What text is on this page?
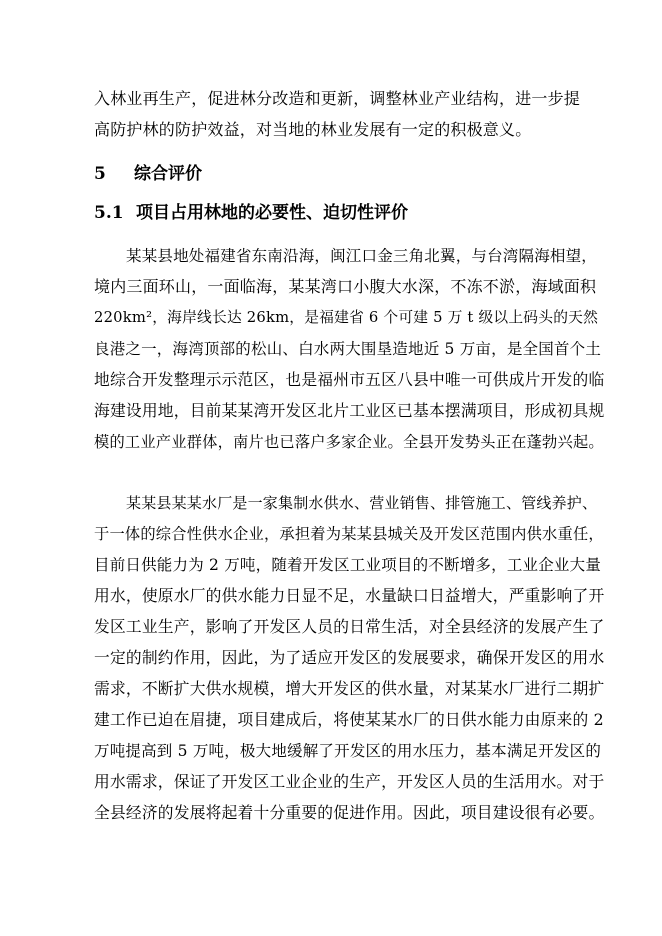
入林业再生产，促进林分改造和更新，调整林业产业结构，进一步提
高防护林的防护效益，对当地的林业发展有一定的积极意义。
5 综合评价
5.1 项目占用林地的必要性、迫切性评价
某某县地处福建省东南沿海，闽江口金三角北翼，与台湾隔海相望，
境内三面环山，一面临海，某某湾口小腹大水深，不冻不淤，海域面积
220km²，海岸线长达 26km，是福建省 6 个可建 5 万 t 级以上码头的天然
良港之一，海湾顶部的松山、白水两大围垦造地近 5 万亩，是全国首个土
地综合开发整理示示范区，也是福州市五区八县中唯一可供成片开发的临
海建设用地，目前某某湾开发区北片工业区已基本摆满项目，形成初具规
模的工业产业群体，南片也已落户多家企业。全县开发势头正在蓬勃兴起。
某某县某某水厂是一家集制水供水、营业销售、排管施工、管线养护、
于一体的综合性供水企业，承担着为某某县城关及开发区范围内供水重任，
目前日供能力为 2 万吨，随着开发区工业项目的不断增多，工业企业大量
用水，使原水厂的供水能力日显不足，水量缺口日益增大，严重影响了开
发区工业生产，影响了开发区人员的日常生活，对全县经济的发展产生了
一定的制约作用，因此，为了适应开发区的发展要求，确保开发区的用水
需求，不断扩大供水规模，增大开发区的供水量，对某某水厂进行二期扩
建工作已迫在眉捷，项目建成后，将使某某水厂的日供水能力由原来的 2
万吨提高到 5 万吨，极大地缓解了开发区的用水压力，基本满足开发区的
用水需求，保证了开发区工业企业的生产，开发区人员的生活用水。对于
全县经济的发展将起着十分重要的促进作用。因此，项目建设很有必要。
